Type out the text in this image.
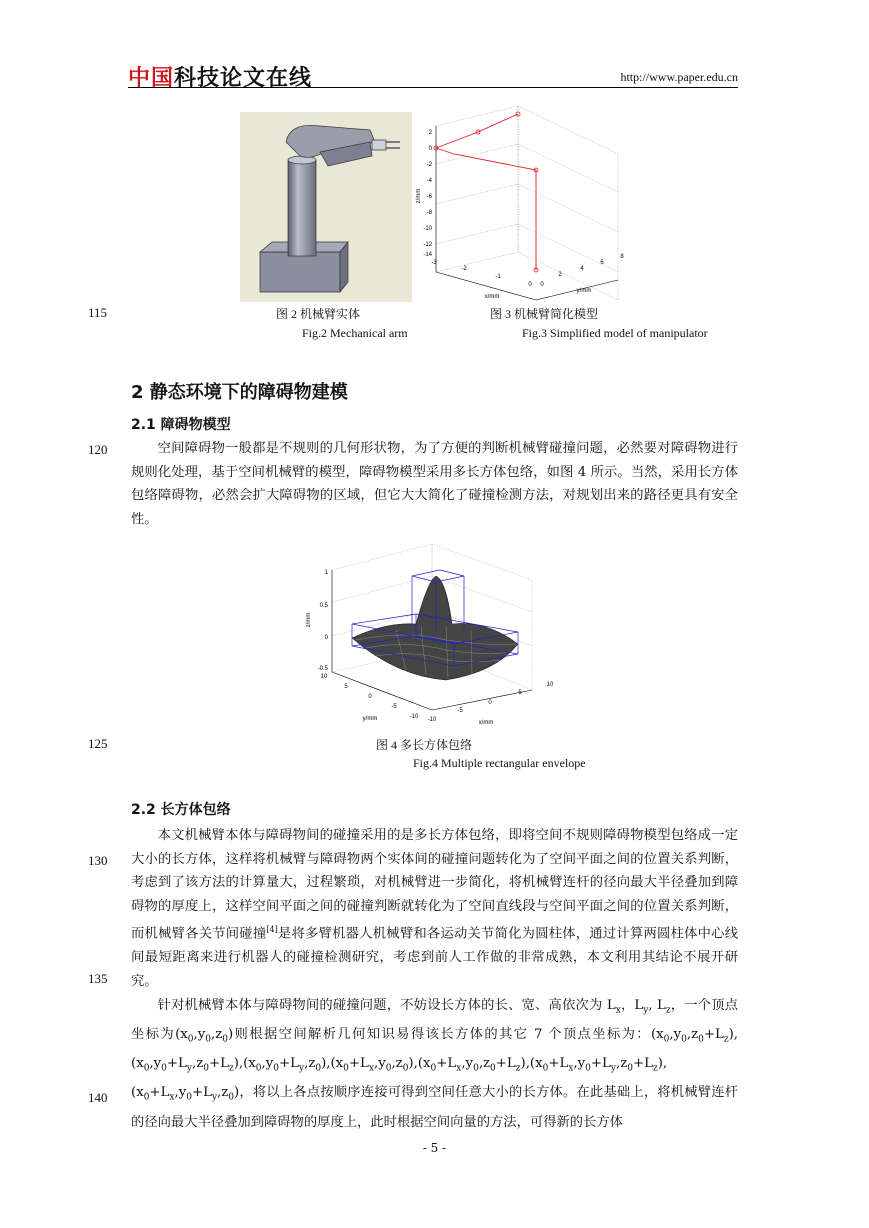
中国科技论文在线	http://www.paper.edu.cn
2
0
-2
-4
-6
-8
-10
-12
-14
-3
-2
-1
0 0
2
4
6
8
x/mm
y/mm
z/mm
115	图 2 机械臂实体
Fig.2 Mechanical arm
图 3 机械臂简化模型
Fig.3 Simplified model of manipulator
2 静态环境下的障碍物建模
2.1 障碍物模型
120	空间障碍物一般都是不规则的几何形状物，为了方便的判断机械臂碰撞问题，必然要对障碍物进行规则化处理，基于空间机械臂的模型，障碍物模型采用多长方体包络，如图 4 所示。当然，采用长方体包络障碍物，必然会扩大障碍物的区域，但它大大简化了碰撞检测方法，对规划出来的路径更具有安全性。

1
0.5
0
-0.5
10
5
0
-5
-10 -10
-5
0
5
10
y/mm
x/mm
z/mm
125	图 4 多长方体包络
Fig.4 Multiple rectangular envelope
2.2 长方体包络
130
135
140

本文机械臂本体与障碍物间的碰撞采用的是多长方体包络，即将空间不规则障碍物模型包络成一定大小的长方体，这样将机械臂与障碍物两个实体间的碰撞问题转化为了空间平面之间的位置关系判断，考虑到了该方法的计算量大，过程繁琐，对机械臂进一步简化，将机械臂连杆的径向最大半径叠加到障碍物的厚度上，这样空间平面之间的碰撞判断就转化为了空间直线段与空间平面之间的位置关系判断，而机械臂各关节间碰撞[4]是将多臂机器人机械臂和各运动关节简化为圆柱体，通过计算两圆柱体中心线间最短距离来进行机器人的碰撞检测研究，考虑到前人工作做的非常成熟，本文利用其结论不展开研究。

针对机械臂本体与障碍物间的碰撞问题，不妨设长方体的长、宽、高依次为 $L_x$，$L_y$, $L_z$，一个顶点坐标为$(x_0,y_0,z_0)$则根据空间解析几何知识易得该长方体的其它 7 个顶点坐标为：$(x_0,y_0,z_0+L_z),(x_0,y_0+L_y,z_0+L_z),(x_0,y_0+L_y,z_0),(x_0+L_x,y_0,z_0),(x_0+L_x,y_0,z_0+L_z),(x_0+L_x,y_0+L_y,z_0+L_z),(x_0+L_x,y_0+L_y,z_0)$，将以上各点按顺序连接可得到空间任意大小的长方体。在此基础上，将机械臂连杆的径向最大半径叠加到障碍物的厚度上，此时根据空间向量的方法，可得新的长方体

- 5 -
